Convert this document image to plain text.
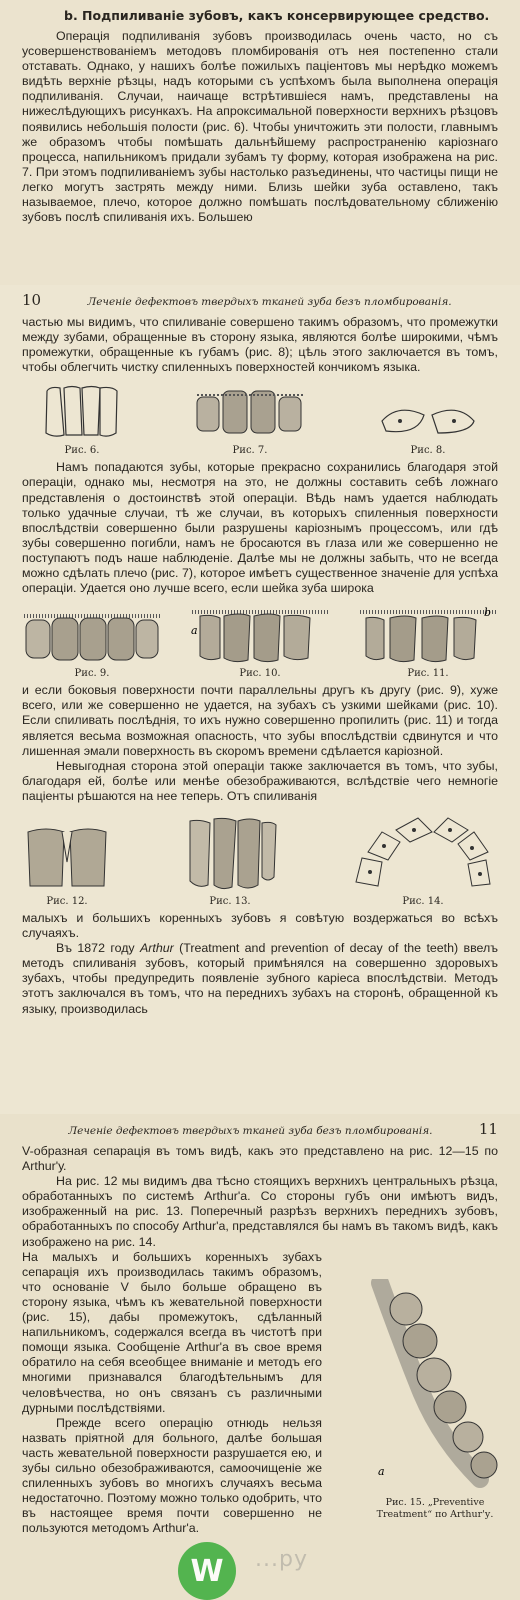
b. Подпиливаніе зубовъ, какъ консервирующее средство.

Операція подпиливанія зубовъ производилась очень часто, но съ усовершенствованіемъ методовъ пломбированія отъ нея постепенно стали отставать. Однако, у нашихъ болѣе пожилыхъ паціентовъ мы нерѣдко можемъ видѣть верхніе рѣзцы, надъ которыми съ успѣхомъ была выполнена операція подпиливанія. Случаи, наичаще встрѣтившіеся намъ, представлены на нижеслѣдующихъ рисункахъ. На апроксимальной поверхности верхнихъ рѣзцовъ появились небольшія полости (рис. 6). Чтобы уничтожить эти полости, главнымъ же образомъ чтобы помѣшать дальнѣйшему распространенію каріознаго процесса, напильникомъ придали зубамъ ту форму, которая изображена на рис. 7. При этомъ подпиливаніемъ зубы настолько разъединены, что частицы пищи не легко могутъ застрять между ними. Близь шейки зуба оставлено, такъ называемое, плечо, которое должно помѣшать послѣдовательному сближенію зубовъ послѣ спиливанія ихъ. Большею

10	Леченіе дефектовъ твердыхъ тканей зуба безъ пломбированія.

частью мы видимъ, что спиливаніе совершено такимъ образомъ, что промежутки между зубами, обращенные въ сторону языка, являются болѣе широкими, чѣмъ промежутки, обращенные къ губамъ (рис. 8); цѣль этого заключается въ томъ, чтобы облегчить чистку спиленныхъ поверхностей кончикомъ языка.

Рис. 6.	Рис. 7.	Рис. 8.

Намъ попадаются зубы, которые прекрасно сохранились благодаря этой операціи, однако мы, несмотря на это, не должны составить себѣ ложнаго представленія о достоинствѣ этой операціи. Вѣдь намъ удается наблюдать только удачные случаи, тѣ же случаи, въ которыхъ спиленныя поверхности впослѣдствіи совершенно были разрушены каріознымъ процессомъ, или гдѣ зубы совершенно погибли, намъ не бросаются въ глаза или же совершенно не поступаютъ подъ наше наблюденіе. Далѣе мы не должны забыть, что не всегда можно сдѣлать плечо (рис. 7), которое имѣетъ существенное значеніе для успѣха операціи. Удается оно лучше всего, если шейка зуба широка

Рис. 9.
a
Рис. 10.
b
Рис. 11.

и если боковыя поверхности почти параллельны другъ къ другу (рис. 9), хуже всего, или же совершенно не удается, на зубахъ съ узкими шейками (рис. 10). Если спиливать послѣднія, то ихъ нужно совершенно пропилить (рис. 11) и тогда является весьма возможная опасность, что зубы впослѣдствіи сдвинутся и что лишенная эмали поверхность въ скоромъ времени сдѣлается каріозной.

Невыгодная сторона этой операціи также заключается въ томъ, что зубы, благодаря ей, болѣе или менѣе обезображиваются, вслѣдствіе чего немногіе паціенты рѣшаются на нее теперь. Отъ спиливанія

Рис. 12.	Рис. 13.	Рис. 14.

малыхъ и большихъ коренныхъ зубовъ я совѣтую воздержаться во всѣхъ случаяхъ.

Въ 1872 году Arthur (Treatment and prevention of decay of the teeth) ввелъ методъ спиливанія зубовъ, который примѣнялся на совершенно здоровыхъ зубахъ, чтобы предупредить появленіе зубного каріеса впослѣдствіи. Методъ этотъ заключался въ томъ, что на переднихъ зубахъ на сторонѣ, обращенной къ языку, производилась

Леченіе дефектовъ твердыхъ тканей зуба безъ пломбированія.	11

V-образная сепарація въ томъ видѣ, какъ это представлено на рис. 12—15 по Arthur'у.

На рис. 12 мы видимъ два тѣсно стоящихъ верхнихъ центральныхъ рѣзца, обработанныхъ по системѣ Arthur'а. Со стороны губъ они имѣютъ видъ, изображенный на рис. 13. Поперечный разрѣзъ верхнихъ переднихъ зубовъ, обработанныхъ по способу Arthur'а, представлялся бы намъ въ такомъ видѣ, какъ изображено на рис. 14.

На малыхъ и большихъ коренныхъ зубахъ сепарація ихъ производилась такимъ образомъ, что основаніе V было больше обращено въ сторону языка, чѣмъ къ жевательной поверхности (рис. 15), дабы промежутокъ, сдѣланный напильникомъ, содержался всегда въ чистотѣ при помощи языка. Сообщеніе Arthur'а въ свое время обратило на себя всеобщее вниманіе и методъ его многими признавался благодѣтельнымъ для человѣчества, но онъ связанъ съ различными дурными послѣдствіями.

Прежде всего операцію отнюдь нельзя назвать пріятной для больного, далѣе большая часть жевательной поверхности разрушается ею, и зубы сильно обезображиваются, самоочищеніе же спиленныхъ зубовъ во многихъ случаяхъ весьма недостаточно. Поэтому можно только одобрить, что въ настоящее время почти совершенно не пользуются методомъ Arthur'а.

a
Рис. 15. „Preventive Treatment“ по Arthur'у.
W ...ру
